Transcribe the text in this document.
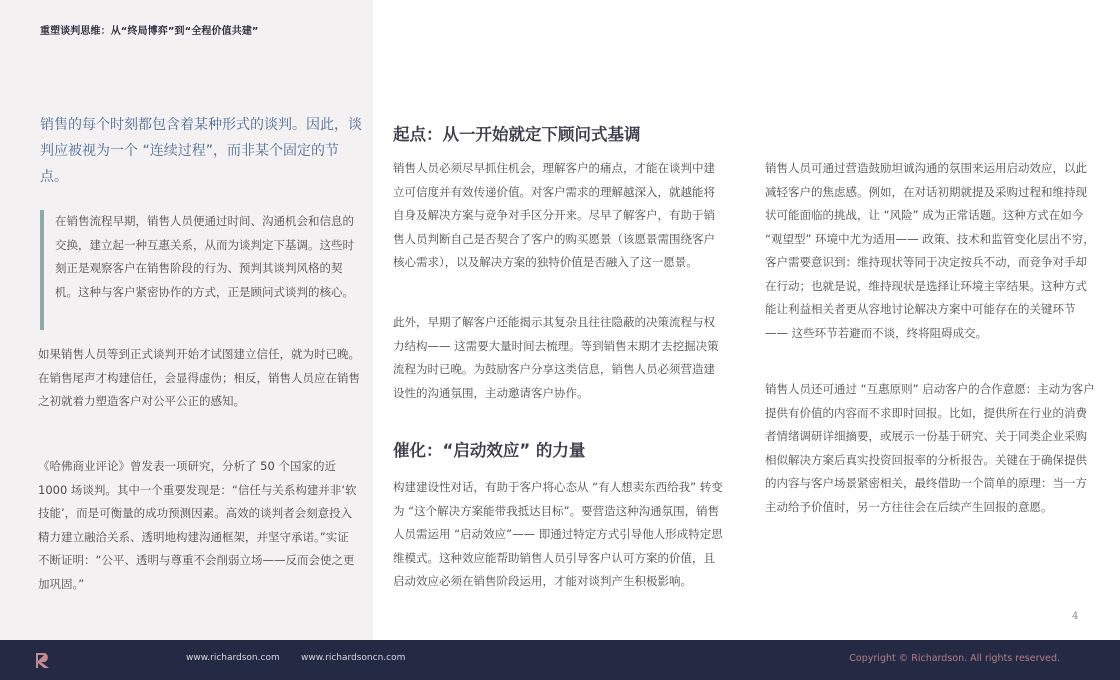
重塑谈判思维：从“终局博弈”到“全程价值共建”

销售的每个时刻都包含着某种形式的谈判。因此，谈判应被视为一个 “连续过程”，而非某个固定的节点。

在销售流程早期，销售人员便通过时间、沟通机会和信息的交换，建立起一种互惠关系，从而为谈判定下基调。这些时刻正是观察客户在销售阶段的行为、预判其谈判风格的契机。这种与客户紧密协作的方式，正是顾问式谈判的核心。

如果销售人员等到正式谈判开始才试图建立信任，就为时已晚。在销售尾声才构建信任，会显得虚伪；相反，销售人员应在销售之初就着力塑造客户对公平公正的感知。

《哈佛商业评论》曾发表一项研究，分析了 50 个国家的近 1000 场谈判。其中一个重要发现是：“信任与关系构建并非‘软技能’，而是可衡量的成功预测因素。高效的谈判者会刻意投入精力建立融洽关系、透明地构建沟通框架，并坚守承诺。”实证不断证明：“公平、透明与尊重不会削弱立场——反而会使之更加巩固。”

起点：从一开始就定下顾问式基调

销售人员必须尽早抓住机会，理解客户的痛点，才能在谈判中建立可信度并有效传递价值。对客户需求的理解越深入，就越能将自身及解决方案与竞争对手区分开来。尽早了解客户，有助于销售人员判断自己是否契合了客户的购买愿景（该愿景需围绕客户核心需求），以及解决方案的独特价值是否融入了这一愿景。

此外，早期了解客户还能揭示其复杂且往往隐蔽的决策流程与权力结构—— 这需要大量时间去梳理。等到销售末期才去挖掘决策流程为时已晚。为鼓励客户分享这类信息，销售人员必须营造建设性的沟通氛围，主动邀请客户协作。

催化：“启动效应” 的力量

构建建设性对话，有助于客户将心态从 “有人想卖东西给我” 转变为 “这个解决方案能带我抵达目标”。要营造这种沟通氛围，销售人员需运用 “启动效应”—— 即通过特定方式引导他人形成特定思维模式。这种效应能帮助销售人员引导客户认可方案的价值，且启动效应必须在销售阶段运用，才能对谈判产生积极影响。

销售人员可通过营造鼓励坦诚沟通的氛围来运用启动效应，以此减轻客户的焦虑感。例如，在对话初期就提及采购过程和维持现状可能面临的挑战，让 “风险” 成为正常话题。这种方式在如今 “观望型” 环境中尤为适用—— 政策、技术和监管变化层出不穷，客户需要意识到：维持现状等同于决定按兵不动，而竞争对手却在行动；也就是说，维持现状是选择让环境主宰结果。这种方式能让利益相关者更从容地讨论解决方案中可能存在的关键环节 —— 这些环节若避而不谈，终将阻碍成交。

销售人员还可通过 “互惠原则” 启动客户的合作意愿：主动为客户提供有价值的内容而不求即时回报。比如，提供所在行业的消费者情绪调研详细摘要，或展示一份基于研究、关于同类企业采购相似解决方案后真实投资回报率的分析报告。关键在于确保提供的内容与客户场景紧密相关，最终借助一个简单的原理：当一方主动给予价值时，另一方往往会在后续产生回报的意愿。

4
www.richardson.com www.richardsoncn.com	Copyright © Richardson. All rights reserved.
